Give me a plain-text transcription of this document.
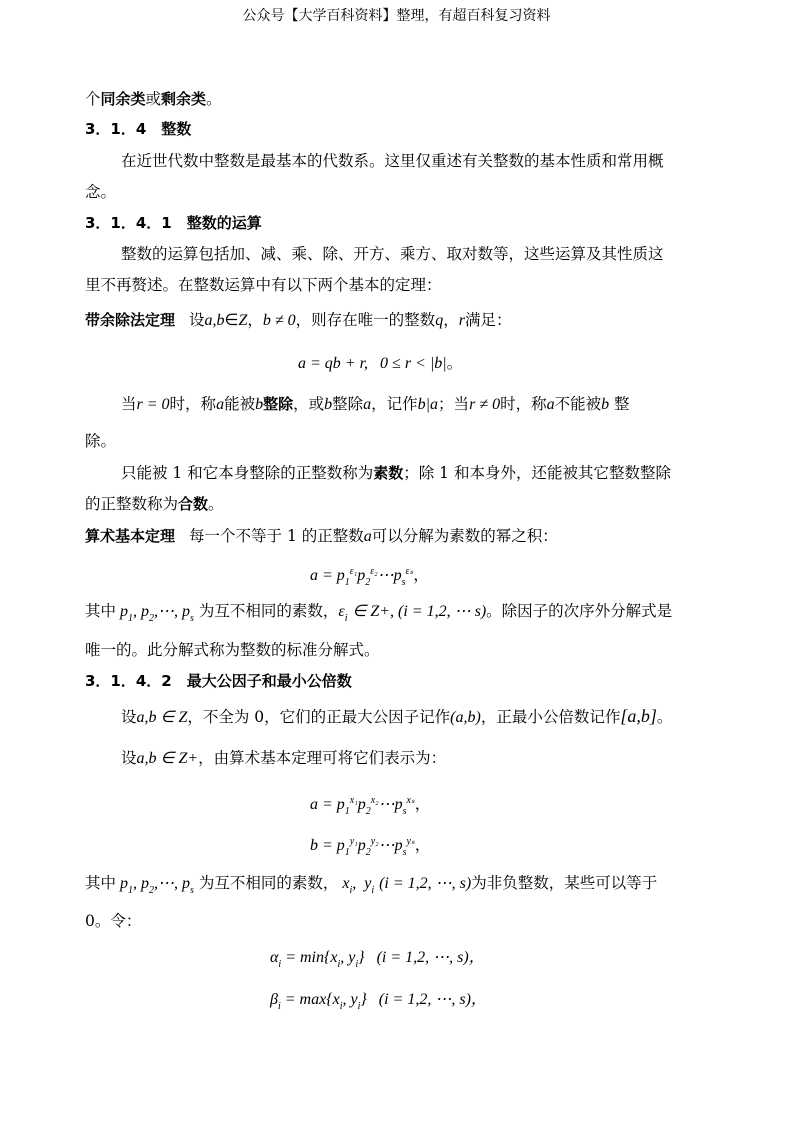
公众号【大学百科资料】整理，有超百科复习资料
个同余类或剩余类。
3．1．4　整数
在近世代数中整数是最基本的代数系。这里仅重述有关整数的基本性质和常用概
念。
3．1．4．1　整数的运算
整数的运算包括加、减、乘、除、开方、乘方、取对数等，这些运算及其性质这
里不再赘述。在整数运算中有以下两个基本的定理：
带余除法定理 设a,b∈Z，b ≠ 0，则存在唯一的整数q，r满足：
a = qb + r, 0 ≤ r < |b|。
当r = 0时，称a能被b整除，或b整除a，记作b|a；当r ≠ 0时，称a不能被b 整
除。
只能被 1 和它本身整除的正整数称为素数；除 1 和本身外，还能被其它整数整除
的正整数称为合数。
算术基本定理 每一个不等于 1 的正整数a可以分解为素数的幂之积：
$a = p_1^{\varepsilon_1}p_2^{\varepsilon_2}\cdots p_s^{\varepsilon_s}$，
其中 $p_1$, $p_2,\cdots$, $p_s$ 为互不相同的素数，$\varepsilon_i$ ∈ Z+, (i = 1,2, ⋯ s)。除因子的次序外分解式是
唯一的。此分解式称为整数的标准分解式。
3．1．4．2　最大公因子和最小公倍数
设a,b ∈ Z，不全为 0，它们的正最大公因子记作(a,b)，正最小公倍数记作[a,b]。
设a,b ∈ Z+，由算术基本定理可将它们表示为：
$a = p_1^{x_1}p_2^{x_2}\cdots p_s^{x_s}$，
$b = p_1^{y_1}p_2^{y_2}\cdots p_s^{y_s}$，
其中 $p_1$, $p_2,\cdots$, $p_s$ 为互不相同的素数， $x_i$,  $y_i$ (i = 1,2, ⋯, s)为非负整数，某些可以等于
0。令：
$\alpha_i = \min\{x_i$, $y_i$} (i = 1,2, ⋯, s)，
$\beta_i = \max\{x_i$, $y_i$} (i = 1,2, ⋯, s)，
